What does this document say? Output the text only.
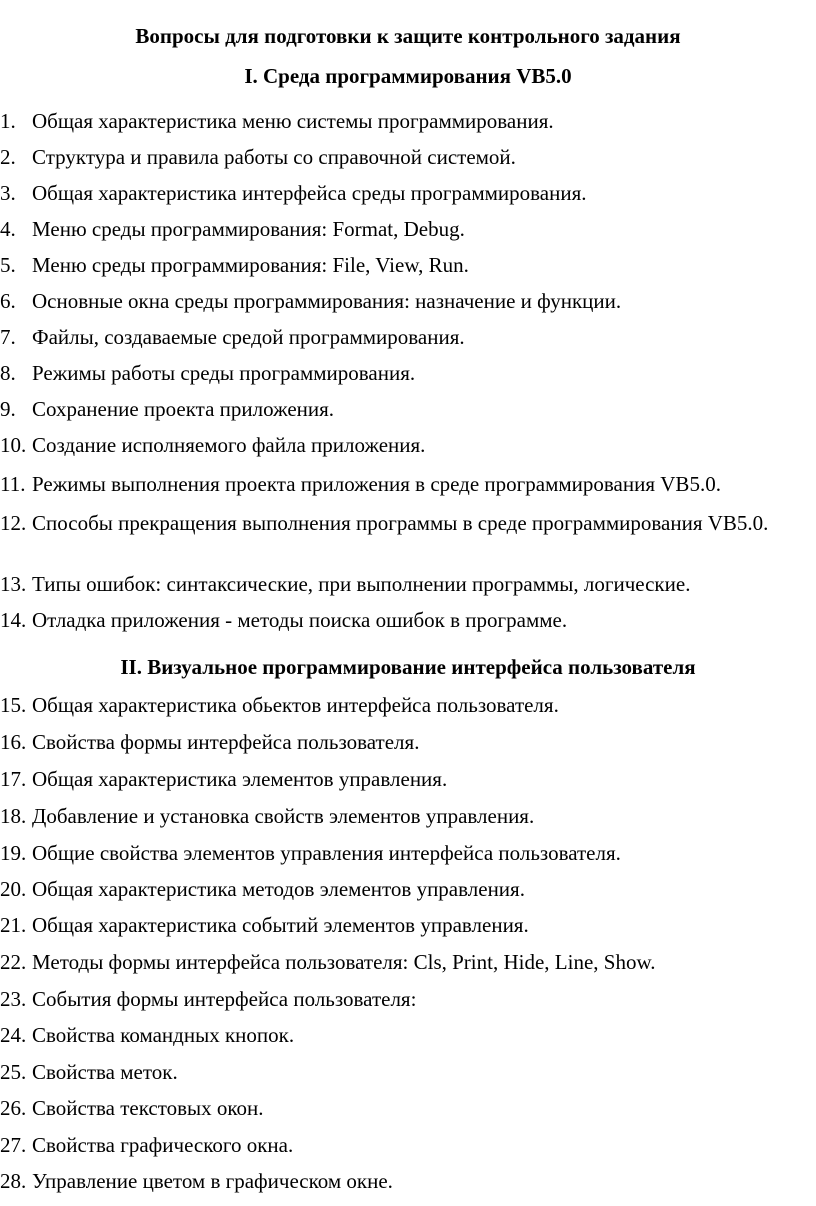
Вопросы для подготовки к защите контрольного задания
I. Среда программирования VB5.0
1. Общая характеристика меню системы программирования.
2. Структура и правила работы со справочной системой.
3. Общая характеристика интерфейса среды программирования.
4. Меню среды программирования: Format, Debug.
5. Меню среды программирования: File, View, Run.
6. Основные окна среды программирования: назначение и функции.
7. Файлы, создаваемые средой программирования.
8. Режимы работы среды программирования.
9. Сохранение проекта приложения.
10. Создание исполняемого файла приложения.
11. Режимы выполнения проекта приложения в среде программирования VB5.0.
12. Способы прекращения выполнения программы в среде программирования VB5.0.
13. Типы ошибок: синтаксические, при выполнении программы, логические.
14. Отладка приложения - методы поиска ошибок в программе.
II. Визуальное программирование интерфейса пользователя
15. Общая характеристика обьектов интерфейса пользователя.
16. Свойства формы интерфейса пользователя.
17. Общая характеристика элементов управления.
18. Добавление и установка свойств элементов управления.
19. Общие свойства элементов управления интерфейса пользователя.
20. Общая характеристика методов элементов управления.
21. Общая характеристика событий элементов управления.
22. Методы формы интерфейса пользователя: Cls, Print, Hide, Line, Show.
23. События формы интерфейса пользователя:
24. Свойства командных кнопок.
25. Свойства меток.
26. Свойства текстовых окон.
27. Свойства графического окна.
28. Управление цветом в графическом окне.
